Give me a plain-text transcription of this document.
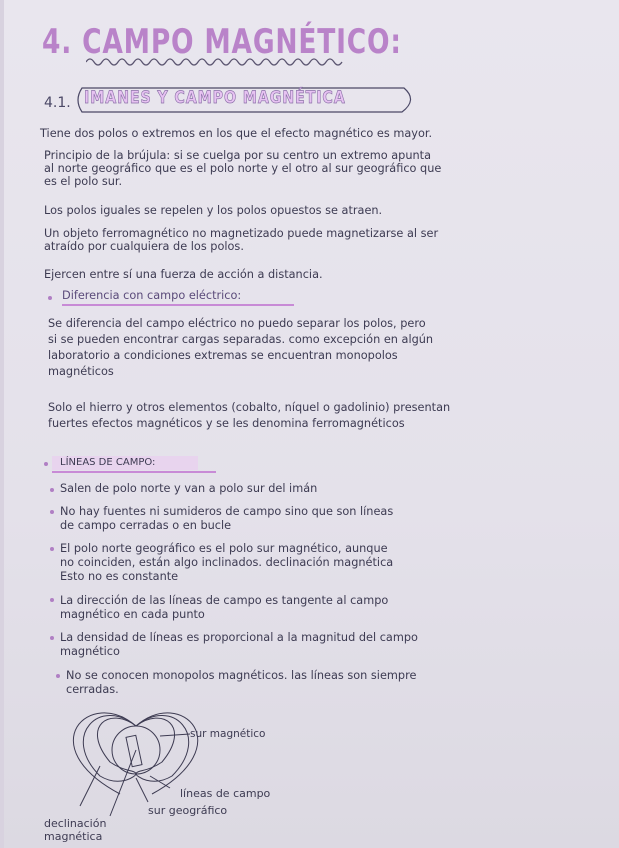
4. CAMPO MAGNÉTICO:
4.1. IMANES Y CAMPO MAGNÉTICA
Tiene dos polos o extremos en los que el efecto magnético es mayor.
Principio de la brújula: si se cuelga por su centro un extremo apunta
al norte geográfico que es el polo norte y el otro al sur geográfico que
es el polo sur.
Los polos iguales se repelen y los polos opuestos se atraen.
Un objeto ferromagnético no magnetizado puede magnetizarse al ser
atraído por cualquiera de los polos.
Ejercen entre sí una fuerza de acción a distancia.
Diferencia con campo eléctrico:
Se diferencia del campo eléctrico no puedo separar los polos, pero
si se pueden encontrar cargas separadas. como excepción en algún
laboratorio a condiciones extremas se encuentran monopolos
magnéticos
Solo el hierro y otros elementos (cobalto, níquel o gadolinio) presentan
fuertes efectos magnéticos y se les denomina ferromagnéticos
LÍNEAS DE CAMPO:
Salen de polo norte y van a polo sur del imán
No hay fuentes ni sumideros de campo sino que son líneas
de campo cerradas o en bucle
El polo norte geográfico es el polo sur magnético, aunque
no coinciden, están algo inclinados. declinación magnética
Esto no es constante
La dirección de las líneas de campo es tangente al campo
magnético en cada punto
La densidad de líneas es proporcional a la magnitud del campo
magnético
No se conocen monopolos magnéticos. las líneas son siempre
cerradas.
sur magnético
líneas de campo
sur geográfico
declinación
magnética
